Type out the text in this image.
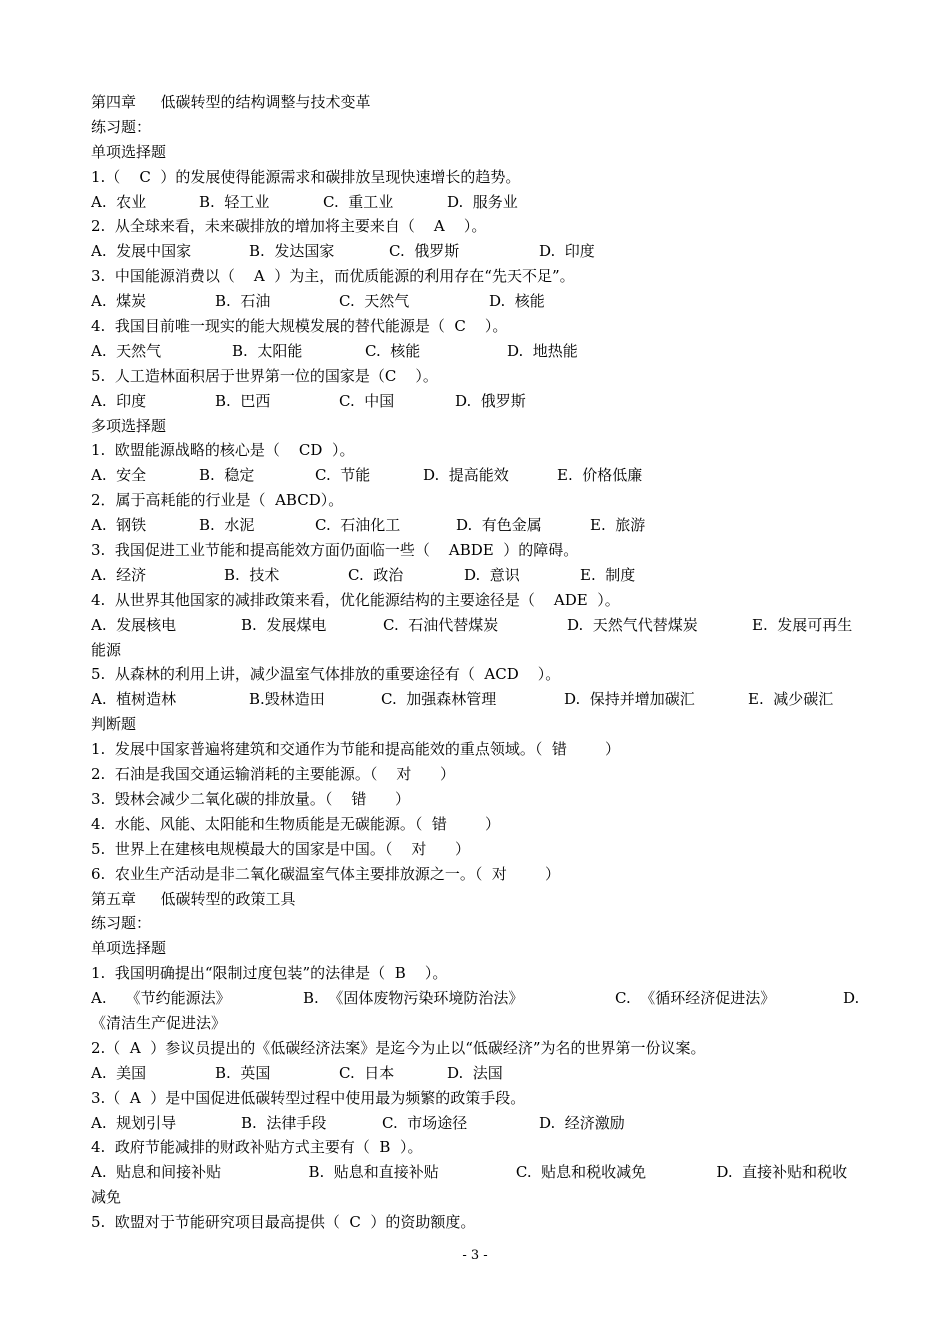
第四章　  低碳转型的结构调整与技术变革
练习题：
单项选择题
1.（    C  ）的发展使得能源需求和碳排放呈现快速增长的趋势。
A.  农业	B.  轻工业	C.  重工业	D.  服务业
2.  从全球来看，未来碳排放的增加将主要来自（    A    ）。
A.  发展中国家	B.  发达国家	C.  俄罗斯	D.  印度
3.  中国能源消费以（    A  ）为主，而优质能源的利用存在“先天不足”。
A.  煤炭	B.  石油	C.  天然气	D.  核能
4.  我国目前唯一现实的能大规模发展的替代能源是（  C    ）。
A.  天然气	B.  太阳能	C.  核能	D.  地热能
5.  人工造林面积居于世界第一位的国家是（C    ）。
A.  印度	B.  巴西	C.  中国	D.  俄罗斯
多项选择题
1.  欧盟能源战略的核心是（    CD  ）。
A.  安全	B.  稳定	C.  节能	D.  提高能效	E.  价格低廉
2．属于高耗能的行业是（  ABCD）。
A.  钢铁	B.  水泥	C.  石油化工	D.  有色金属	E.  旅游
3.  我国促进工业节能和提高能效方面仍面临一些（    ABDE  ）的障碍。
A.  经济	B.  技术	C.  政治	D.  意识	E.  制度
4.  从世界其他国家的减排政策来看，优化能源结构的主要途径是（    ADE  ）。
A.  发展核电	B.  发展煤电	C.  石油代替煤炭	D.  天然气代替煤炭	E.  发展可再生
能源
5.  从森林的利用上讲，减少温室气体排放的重要途径有（  ACD    ）。
A.  植树造林	B.毁林造田	C.  加强森林管理	D.  保持并增加碳汇	E.  减少碳汇
判断题
1.  发展中国家普遍将建筑和交通作为节能和提高能效的重点领域。（  错        ）
2.  石油是我国交通运输消耗的主要能源。（    对      ）
3.  毁林会减少二氧化碳的排放量。（    错      ）
4.  水能、风能、太阳能和生物质能是无碳能源。（  错        ）
5.  世界上在建核电规模最大的国家是中国。（    对      ）
6.  农业生产活动是非二氧化碳温室气体主要排放源之一。（  对        ）
第五章　  低碳转型的政策工具
练习题：
单项选择题
1.  我国明确提出“限制过度包装”的法律是（  B    ）。
A.    《节约能源法》	B.  《固体废物污染环境防治法》	C.  《循环经济促进法》	D.
《清洁生产促进法》
2.（  A  ）参议员提出的《低碳经济法案》是迄今为止以“低碳经济”为名的世界第一份议案。
A.  美国	B.  英国	C.  日本	D.  法国
3.（  A  ）是中国促进低碳转型过程中使用最为频繁的政策手段。
A.  规划引导	B.  法律手段	C.  市场途径	D.  经济激励
4.  政府节能减排的财政补贴方式主要有（  B  ）。
A.  贴息和间接补贴	B.  贴息和直接补贴	C.  贴息和税收减免	D.  直接补贴和税收
减免
5.  欧盟对于节能研究项目最高提供（  C  ）的资助额度。
- 3 -
